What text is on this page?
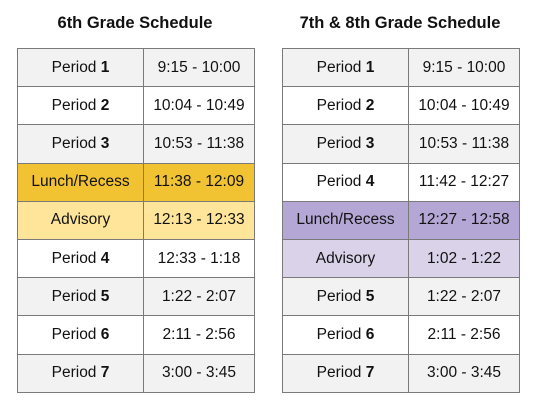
6th Grade Schedule
Period 1	9:15 - 10:00
Period 2	10:04 - 10:49
Period 3	10:53 - 11:38
Lunch/Recess	11:38 - 12:09
Advisory	12:13 - 12:33
Period 4	12:33 - 1:18
Period 5	1:22 - 2:07
Period 6	2:11 - 2:56
Period 7	3:00 - 3:45
7th & 8th Grade Schedule
Period 1	9:15 - 10:00
Period 2	10:04 - 10:49
Period 3	10:53 - 11:38
Period 4	11:42 - 12:27
Lunch/Recess	12:27 - 12:58
Advisory	1:02 - 1:22
Period 5	1:22 - 2:07
Period 6	2:11 - 2:56
Period 7	3:00 - 3:45
